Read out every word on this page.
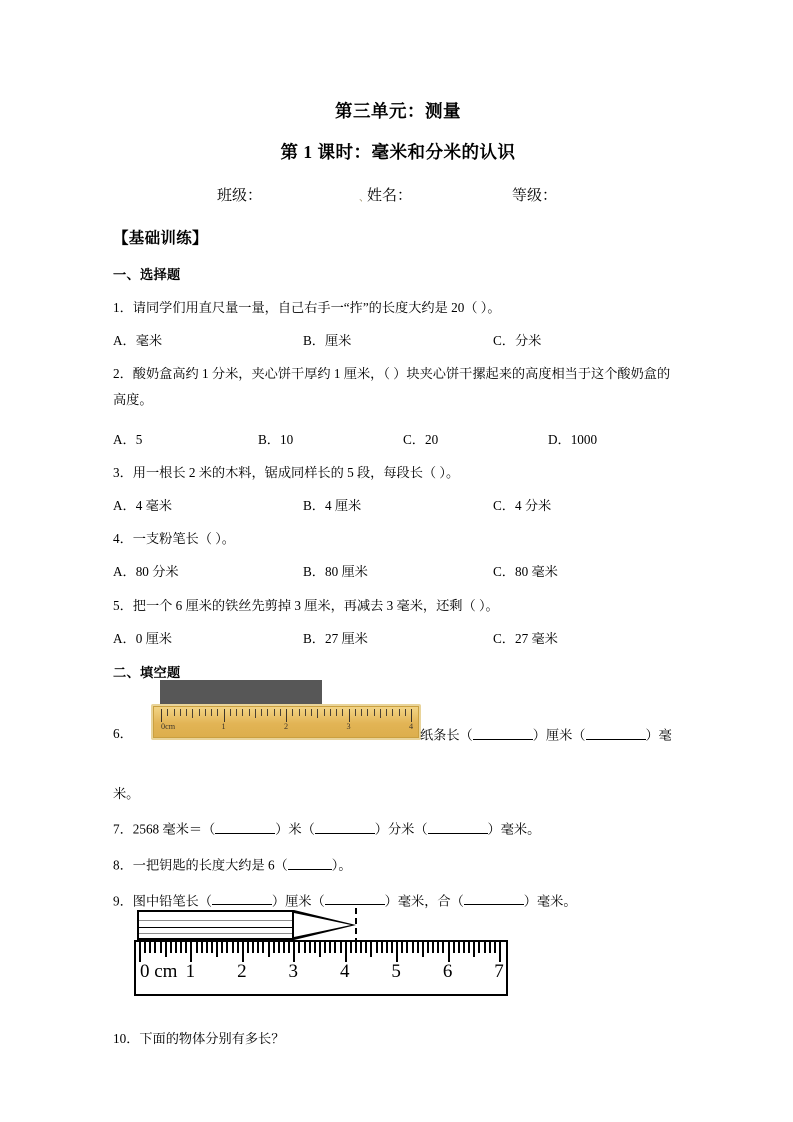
第三单元：测量
第 1 课时：毫米和分米的认识
班级：	姓名：	等级：
、
【基础训练】
一、选择题
1．请同学们用直尺量一量，自己右手一“拃”的长度大约是 20（ ）。
A．毫米	B．厘米	C．分米
2．酸奶盒高约 1 分米，夹心饼干厚约 1 厘米，（ ）块夹心饼干摞起来的高度相当于这个酸奶盒的高度。
A．5	B．10	C．20	D．1000
3．用一根长 2 米的木料，锯成同样长的 5 段，每段长（ ）。
A．4 毫米	B．4 厘米	C．4 分米
4．一支粉笔长（ ）。
A．80 分米	B．80 厘米	C．80 毫米
5．把一个 6 厘米的铁丝先剪掉 3 厘米，再减去 3 毫米，还剩（ ）。
A．0 厘米	B．27 厘米	C．27 毫米
二、填空题
6．	0cm	1	2	3	4
纸条长（	）厘米（	）毫
米。
7．2568 毫米＝（	）米（	）分米（	）毫米。
8．一把钥匙的长度大约是 6（	）。
9．图中铅笔长（	）厘米（	）毫米，合（	）毫米。
0 cm 1 2 3 4 5 6 7
10．下面的物体分别有多长？
